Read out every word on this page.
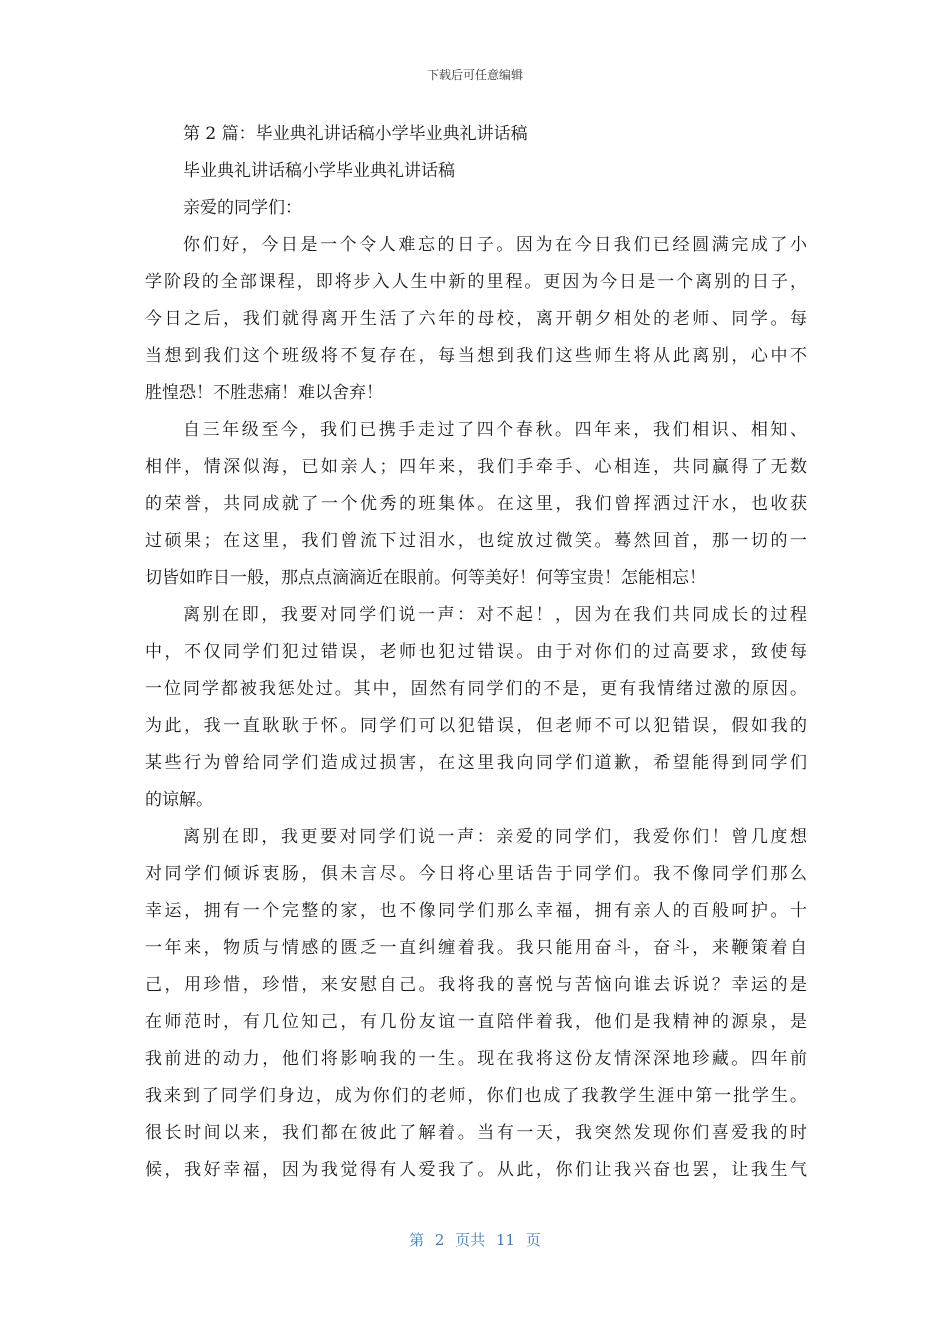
下载后可任意编辑

第 2 篇：毕业典礼讲话稿小学毕业典礼讲话稿

毕业典礼讲话稿小学毕业典礼讲话稿

亲爱的同学们：

你们好，今日是一个令人难忘的日子。因为在今日我们已经圆满完成了小
学阶段的全部课程，即将步入人生中新的里程。更因为今日是一个离别的日子，
今日之后，我们就得离开生活了六年的母校，离开朝夕相处的老师、同学。每
当想到我们这个班级将不复存在，每当想到我们这些师生将从此离别，心中不
胜惶恐！不胜悲痛！难以舍弃！
自三年级至今，我们已携手走过了四个春秋。四年来，我们相识、相知、
相伴，情深似海，已如亲人；四年来，我们手牵手、心相连，共同赢得了无数
的荣誉，共同成就了一个优秀的班集体。在这里，我们曾挥洒过汗水，也收获
过硕果；在这里，我们曾流下过泪水，也绽放过微笑。蓦然回首，那一切的一
切皆如昨日一般，那点点滴滴近在眼前。何等美好！何等宝贵！怎能相忘！
离别在即，我要对同学们说一声：对不起！，因为在我们共同成长的过程
中，不仅同学们犯过错误，老师也犯过错误。由于对你们的过高要求，致使每
一位同学都被我惩处过。其中，固然有同学们的不是，更有我情绪过激的原因。
为此，我一直耿耿于怀。同学们可以犯错误，但老师不可以犯错误，假如我的
某些行为曾给同学们造成过损害，在这里我向同学们道歉，希望能得到同学们
的谅解。
离别在即，我更要对同学们说一声：亲爱的同学们，我爱你们！曾几度想
对同学们倾诉衷肠，俱未言尽。今日将心里话告于同学们。我不像同学们那么
幸运，拥有一个完整的家，也不像同学们那么幸福，拥有亲人的百般呵护。十
一年来，物质与情感的匮乏一直纠缠着我。我只能用奋斗，奋斗，来鞭策着自
己，用珍惜，珍惜，来安慰自己。我将我的喜悦与苦恼向谁去诉说？幸运的是
在师范时，有几位知己，有几份友谊一直陪伴着我，他们是我精神的源泉，是
我前进的动力，他们将影响我的一生。现在我将这份友情深深地珍藏。四年前
我来到了同学们身边，成为你们的老师，你们也成了我教学生涯中第一批学生。
很长时间以来，我们都在彼此了解着。当有一天，我突然发现你们喜爱我的时
候，我好幸福，因为我觉得有人爱我了。从此，你们让我兴奋也罢，让我生气
第 2 页共 11 页
